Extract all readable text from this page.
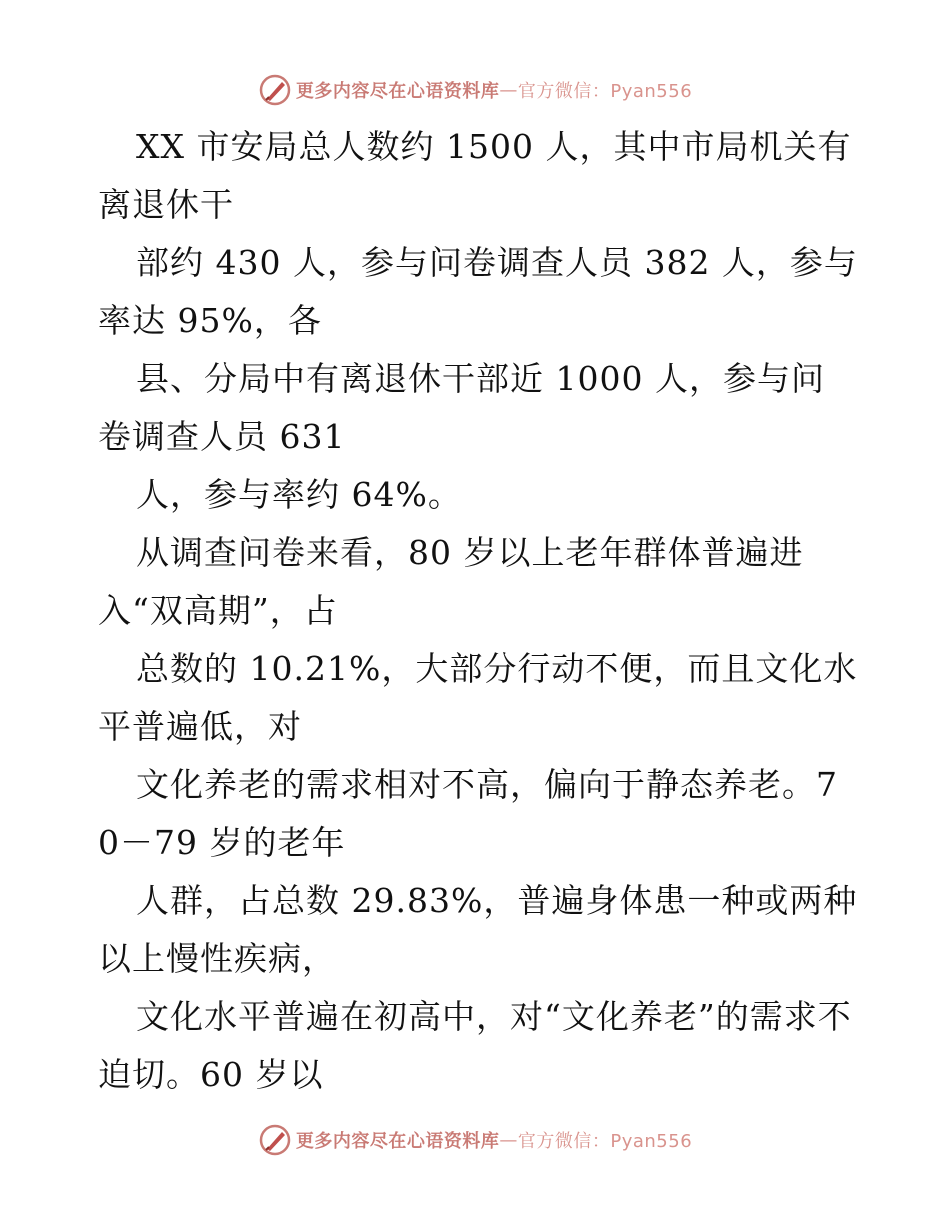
更多内容尽在心语资料库 — 官方微信：Pyan556

XX 市安局总人数约 1500 人，其中市局机关有离退休干

部约 430 人，参与问卷调查人员 382 人，参与率达 95%，各

县、分局中有离退休干部近 1000 人，参与问卷调查人员 631

人，参与率约 64%。

从调查问卷来看，80 岁以上老年群体普遍进入“双高期”，占

总数的 10.21%，大部分行动不便，而且文化水平普遍低，对

文化养老的需求相对不高，偏向于静态养老。70－79 岁的老年

人群，占总数 29.83%，普遍身体患一种或两种以上慢性疾病，

文化水平普遍在初高中，对“文化养老”的需求不迫切。60 岁以

更多内容尽在心语资料库 — 官方微信：Pyan556
